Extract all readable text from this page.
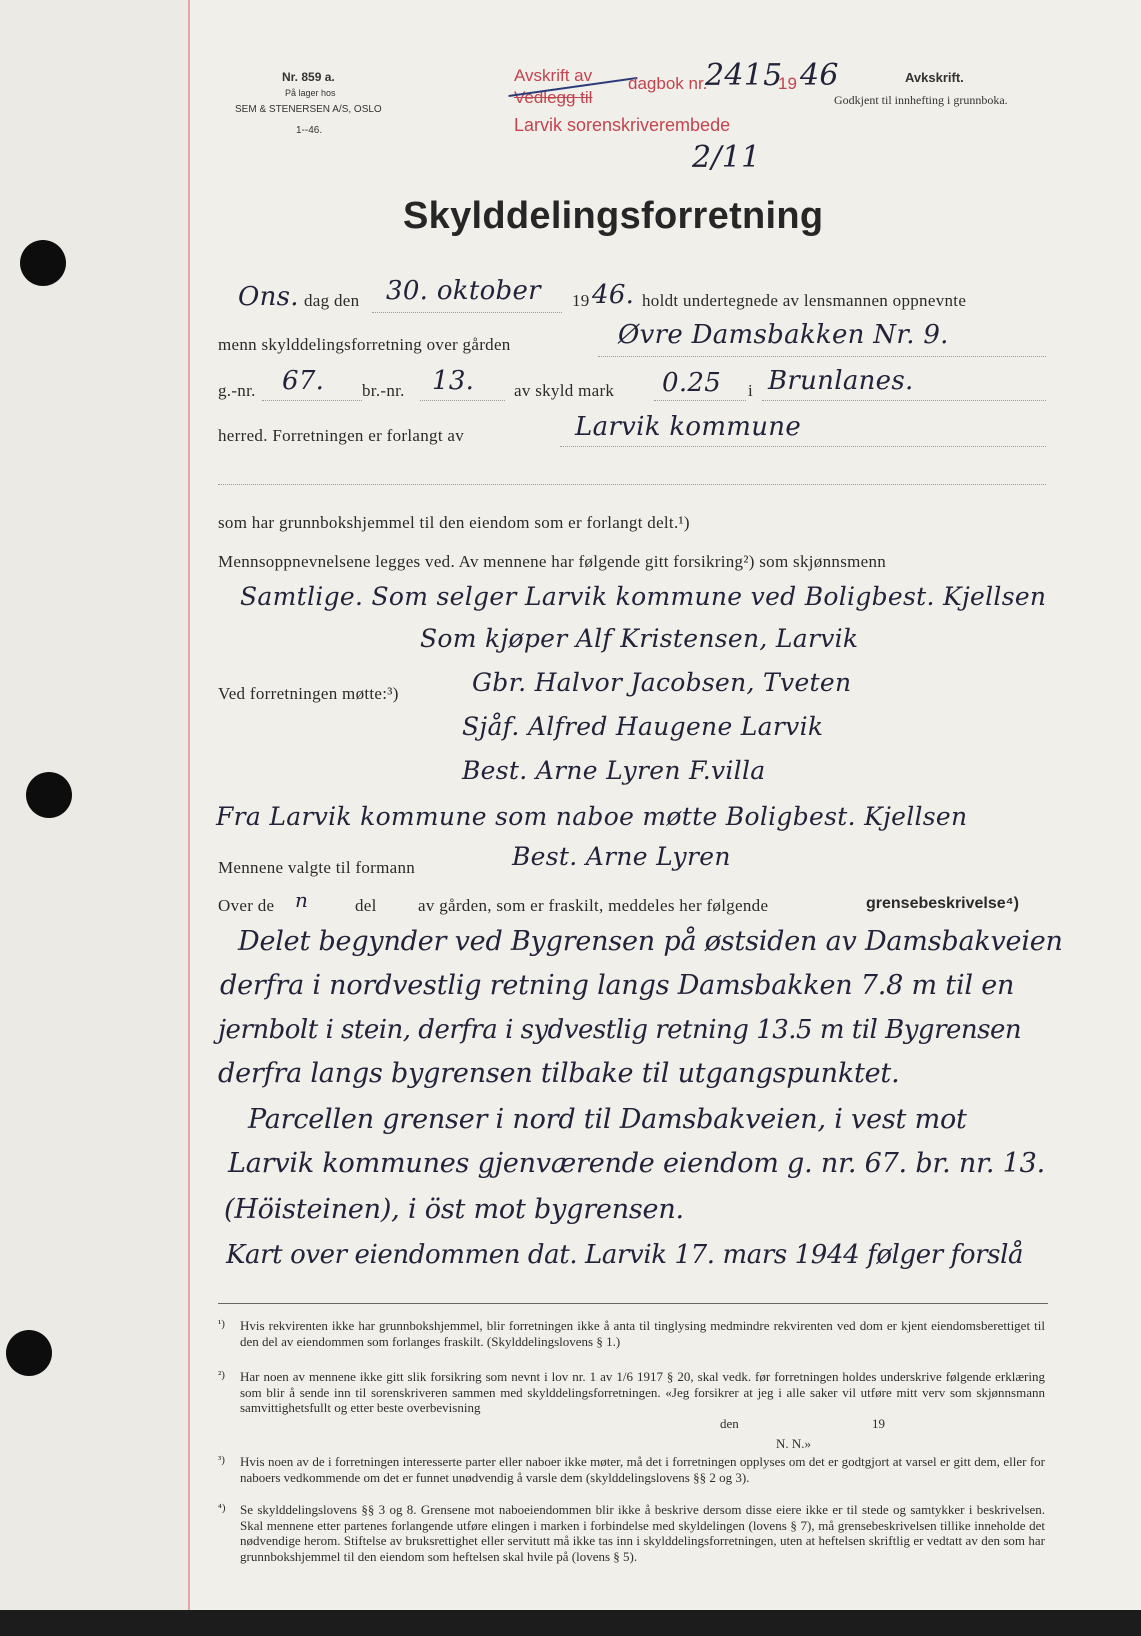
Nr. 859 a.
På lager hos
SEM & STENERSEN A/S, OSLO
1--46.
Avskrift av
Vedlegg til
dagbok nr.
2415
19 46
Larvik sorenskriverembede
2/11
Avkskrift.
Godkjent til innhefting i grunnboka.
Skylddelingsforretning
Ons. dag den 30. oktober 19 46. holdt undertegnede av lensmannen oppnevnte
menn skylddelingsforretning over gården	Øvre Damsbakken Nr. 9.
g.-nr. 67. br.-nr. 13. av skyld mark 0.25 i Brunlanes.
herred. Forretningen er forlangt av	Larvik kommune
som har grunnbokshjemmel til den eiendom som er forlangt delt.¹)
Mennsoppnevnelsene legges ved. Av mennene har følgende gitt forsikring²) som skjønnsmenn
Samtlige. Som selger Larvik kommune ved Boligbest. Kjellsen
Som kjøper Alf Kristensen, Larvik
Ved forretningen møtte:³)	Gbr. Halvor Jacobsen, Tveten
Sjåf. Alfred Haugene Larvik
Best. Arne Lyren F.villa
Fra Larvik kommune som naboe møtte Boligbest. Kjellsen
Mennene valgte til formann	Best. Arne Lyren
Over de n	del av gården, som er fraskilt, meddeles her følgende	grensebeskrivelse⁴)
Delet begynder ved Bygrensen på østsiden av Damsbakveien
derfra i nordvestlig retning langs Damsbakken 7.8 m til en
jernbolt i stein, derfra i sydvestlig retning 13.5 m til Bygrensen
derfra langs bygrensen tilbake til utgangspunktet.
Parcellen grenser i nord til Damsbakveien, i vest mot
Larvik kommunes gjenværende eiendom g. nr. 67. br. nr. 13.
(Höisteinen), i öst mot bygrensen.
Kart over eiendommen dat. Larvik 17. mars 1944 følger forslå
¹) Hvis rekvirenten ikke har grunnbokshjemmel, blir forretningen ikke å anta til tinglysing medmindre rekvirenten ved dom er kjent eiendomsberettiget til den del av eiendommen som forlanges fraskilt. (Skylddelingslovens § 1.)
²) Har noen av mennene ikke gitt slik forsikring som nevnt i lov nr. 1 av 1/6 1917 § 20, skal vedk. før forretningen holdes underskrive følgende erklæring som blir å sende inn til sorenskriveren sammen med skylddelingsforretningen. «Jeg forsikrer at jeg i alle saker vil utføre mitt verv som skjønnsmann samvittighetsfullt og etter beste overbevisning
den	19
N. N.»
³) Hvis noen av de i forretningen interesserte parter eller naboer ikke møter, må det i forretningen opplyses om det er godtgjort at varsel er gitt dem, eller for naboers vedkommende om det er funnet unødvendig å varsle dem (skylddelingslovens §§ 2 og 3).
⁴) Se skylddelingslovens §§ 3 og 8. Grensene mot naboeiendommen blir ikke å beskrive dersom disse eiere ikke er til stede og samtykker i beskrivelsen. Skal mennene etter partenes forlangende utføre elingen i marken i forbindelse med skyldelingen (lovens § 7), må grensebeskrivelsen tillike inneholde det nødvendige herom. Stiftelse av bruksrettighet eller servitutt må ikke tas inn i skylddelingsforretningen, uten at heftelsen skriftlig er vedtatt av den som har grunnbokshjemmel til den eiendom som heftelsen skal hvile på (lovens § 5).
